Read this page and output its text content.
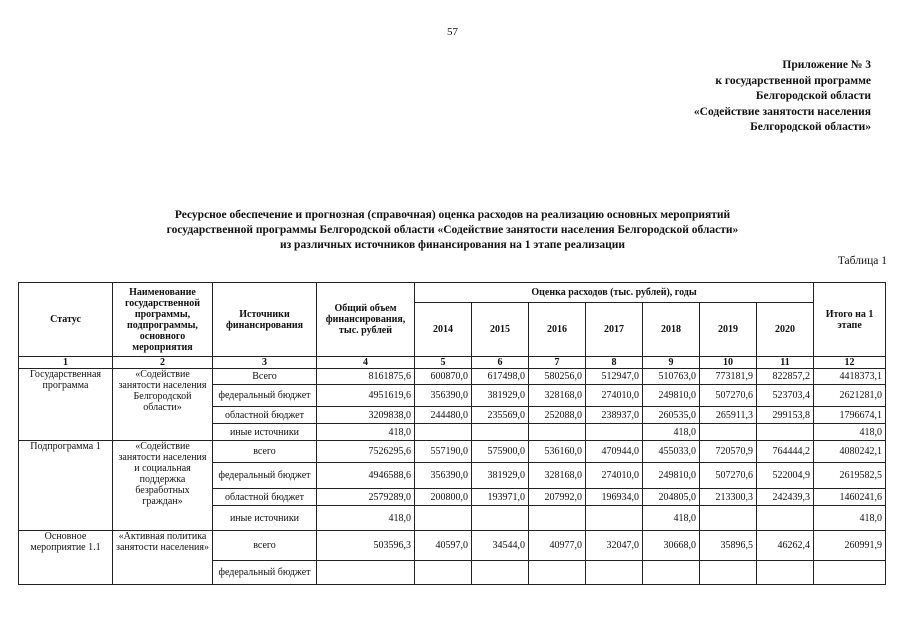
57
Приложение № 3
к государственной программе
Белгородской области
«Содействие занятости населения
Белгородской области»
Ресурсное обеспечение и прогнозная (справочная) оценка расходов на реализацию основных мероприятий
государственной программы Белгородской области «Содействие занятости населения Белгородской области»
из различных источников финансирования на 1 этапе реализации
Таблица 1
Статус	Наименование государственной программы, подпрограммы, основного мероприятия	Источники финансирования	Общий объем финансирования, тыс. рублей	Оценка расходов (тыс. рублей), годы							Итого на 1 этапе
				2014	2015	2016	2017	2018	2019	2020	
1	2	3	4	5	6	7	8	9	10	11	12
Государственная программа	«Содействие занятости населения Белгородской области»	Всего	8161875,6	600870,0	617498,0	580256,0	512947,0	510763,0	773181,9	822857,2	4418373,1
		федеральный бюджет	4951619,6	356390,0	381929,0	328168,0	274010,0	249810,0	507270,6	523703,4	2621281,0
		областной бюджет	3209838,0	244480,0	235569,0	252088,0	238937,0	260535,0	265911,3	299153,8	1796674,1
		иные источники	418,0					418,0			418,0
Подпрограмма 1	«Содействие занятости населения и социальная поддержка безработных граждан»	всего	7526295,6	557190,0	575900,0	536160,0	470944,0	455033,0	720570,9	764444,2	4080242,1
		федеральный бюджет	4946588,6	356390,0	381929,0	328168,0	274010,0	249810,0	507270,6	522004,9	2619582,5
		областной бюджет	2579289,0	200800,0	193971,0	207992,0	196934,0	204805,0	213300,3	242439,3	1460241,6
		иные источники	418,0					418,0			418,0
Основное мероприятие 1.1	«Активная политика занятости населения»	всего	503596,3	40597,0	34544,0	40977,0	32047,0	30668,0	35896,5	46262,4	260991,9
		федеральный бюджет									
